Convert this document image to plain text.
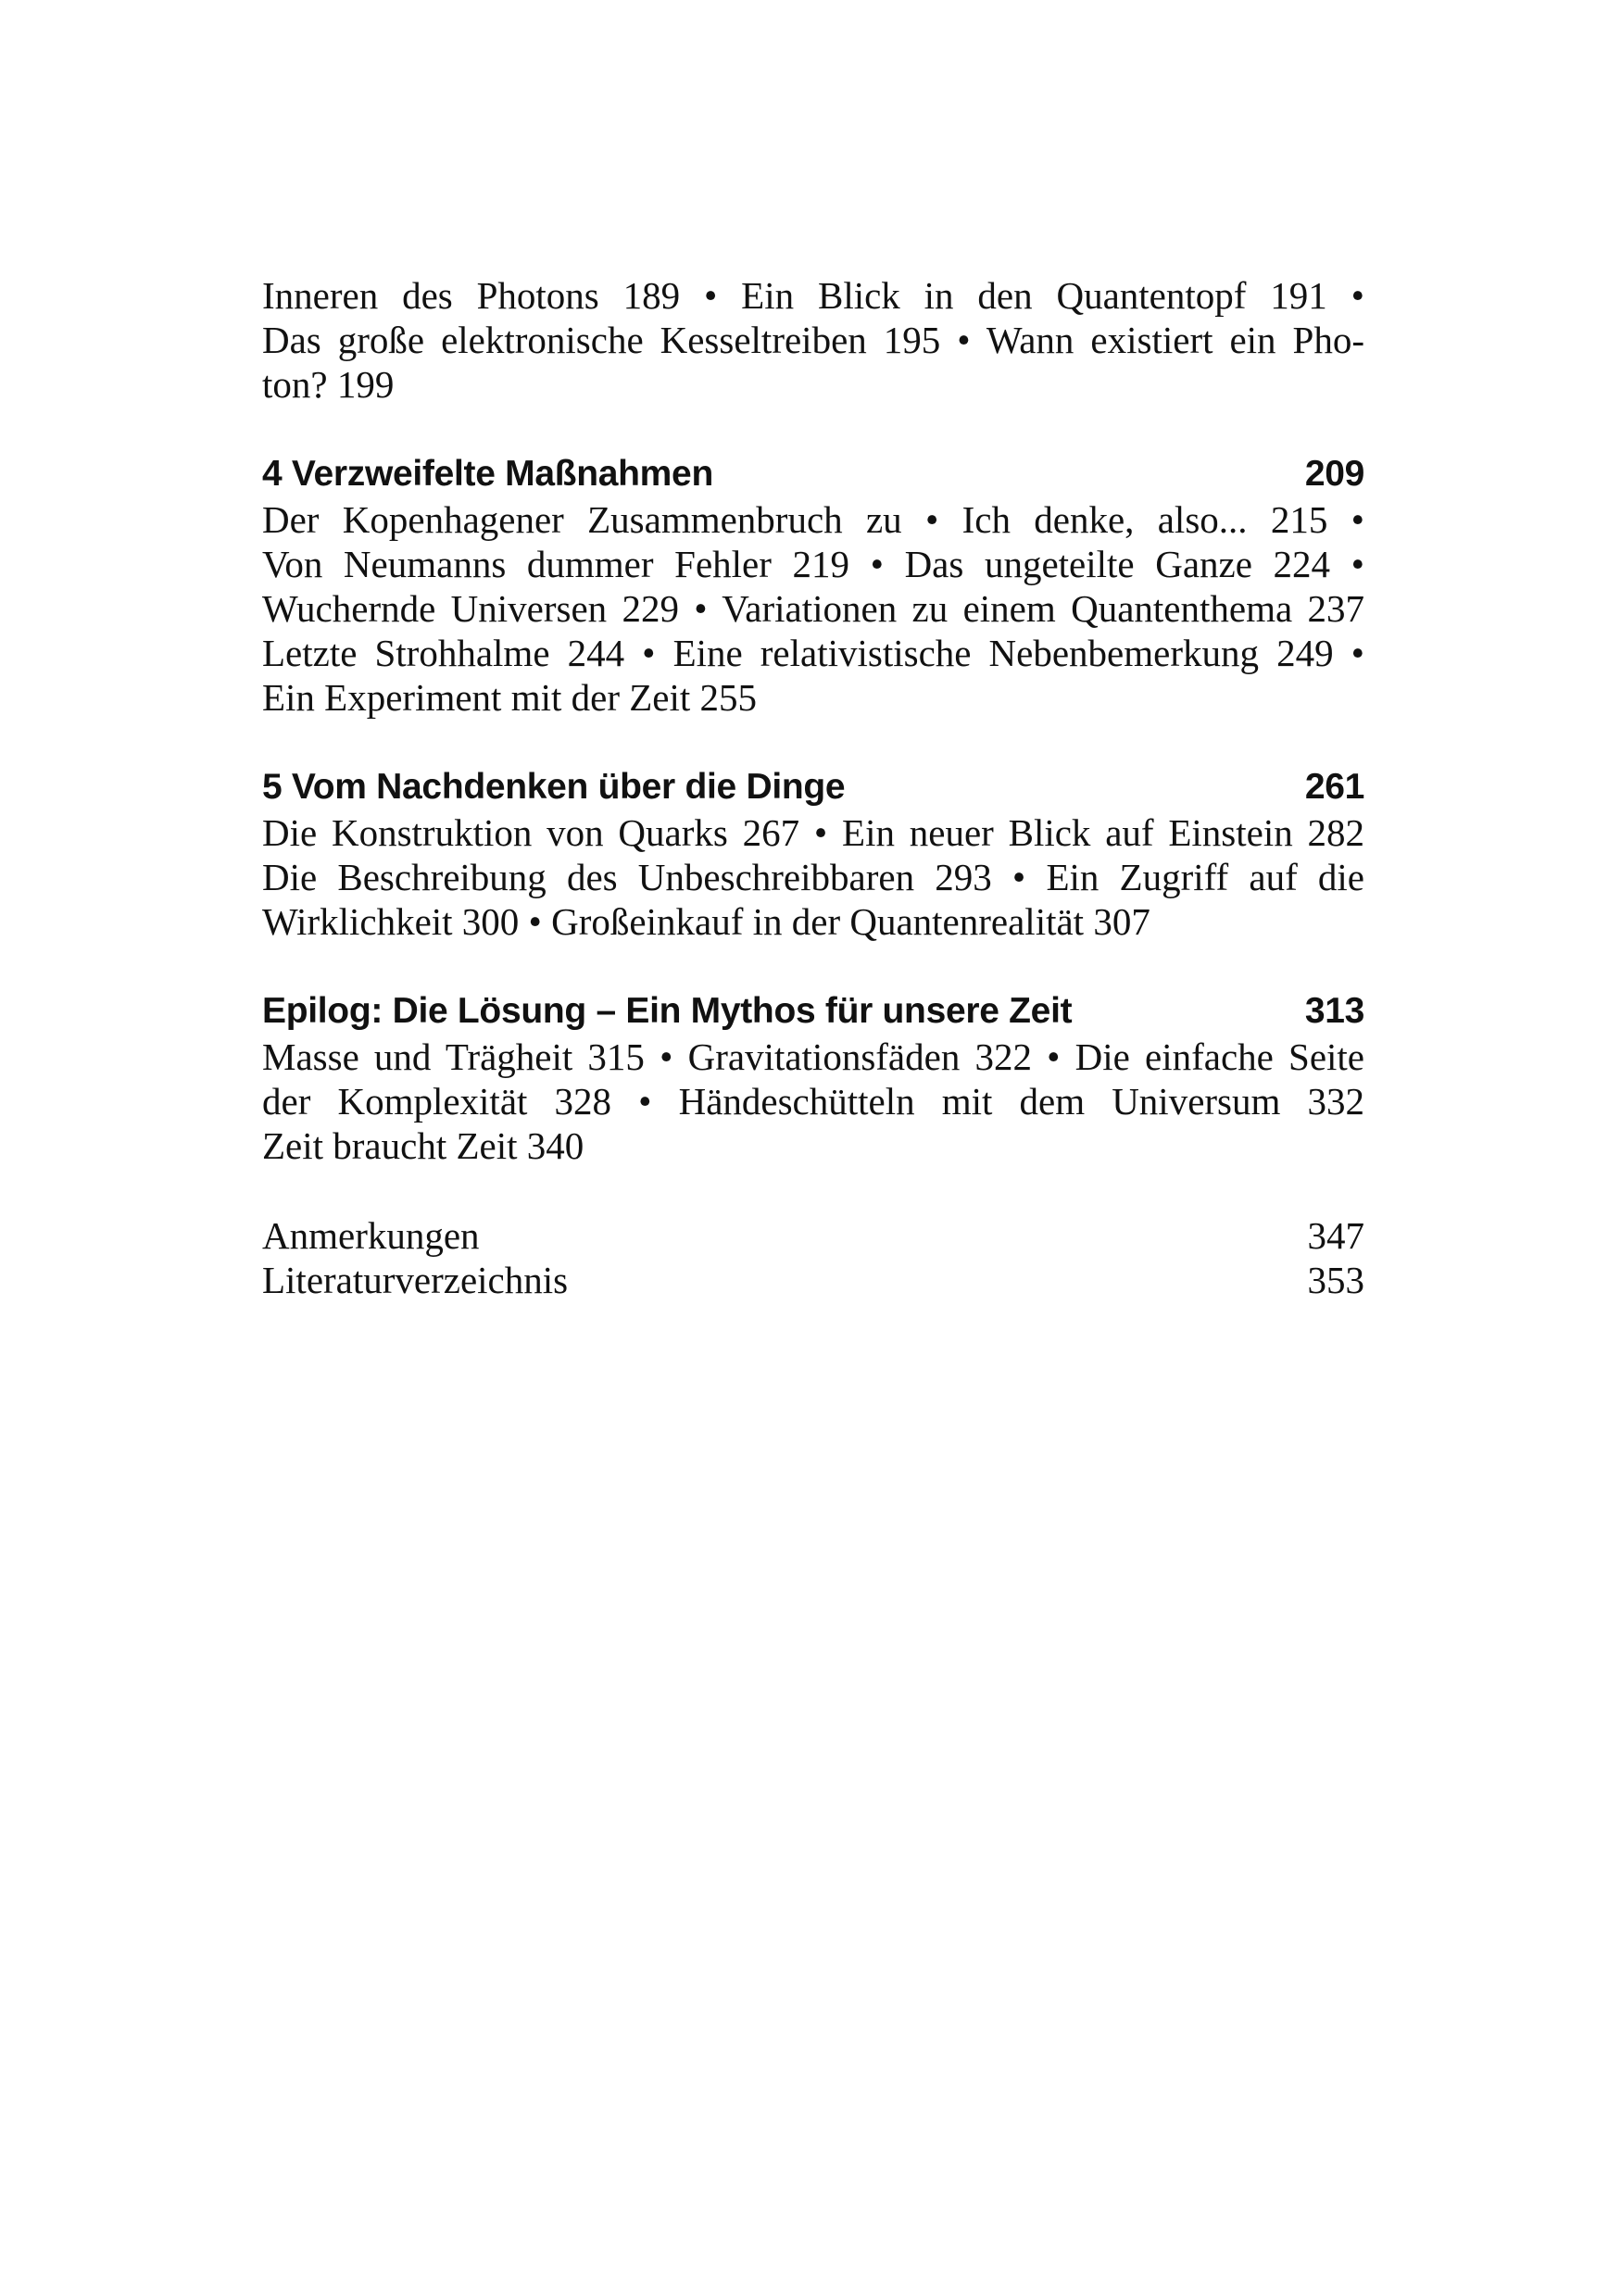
Inneren des Photons 189 • Ein Blick in den Quantentopf 191 •
Das große elektronische Kesseltreiben 195 • Wann existiert ein Pho-
ton? 199
4 Verzweifelte Maßnahmen	209
Der Kopenhagener Zusammenbruch zu • Ich denke, also... 215 •
Von Neumanns dummer Fehler 219 • Das ungeteilte Ganze 224 •
Wuchernde Universen 229 • Variationen zu einem Quantenthema 237
Letzte Strohhalme 244 • Eine relativistische Nebenbemerkung 249 •
Ein Experiment mit der Zeit 255
5 Vom Nachdenken über die Dinge	261
Die Konstruktion von Quarks 267 • Ein neuer Blick auf Einstein 282
Die Beschreibung des Unbeschreibbaren 293 • Ein Zugriff auf die
Wirklichkeit 300 • Großeinkauf in der Quantenrealität 307
Epilog: Die Lösung – Ein Mythos für unsere Zeit	313
Masse und Trägheit 315 • Gravitationsfäden 322 • Die einfache Seite
der Komplexität 328 • Händeschütteln mit dem Universum 332
Zeit braucht Zeit 340
Anmerkungen	347
Literaturverzeichnis	353
